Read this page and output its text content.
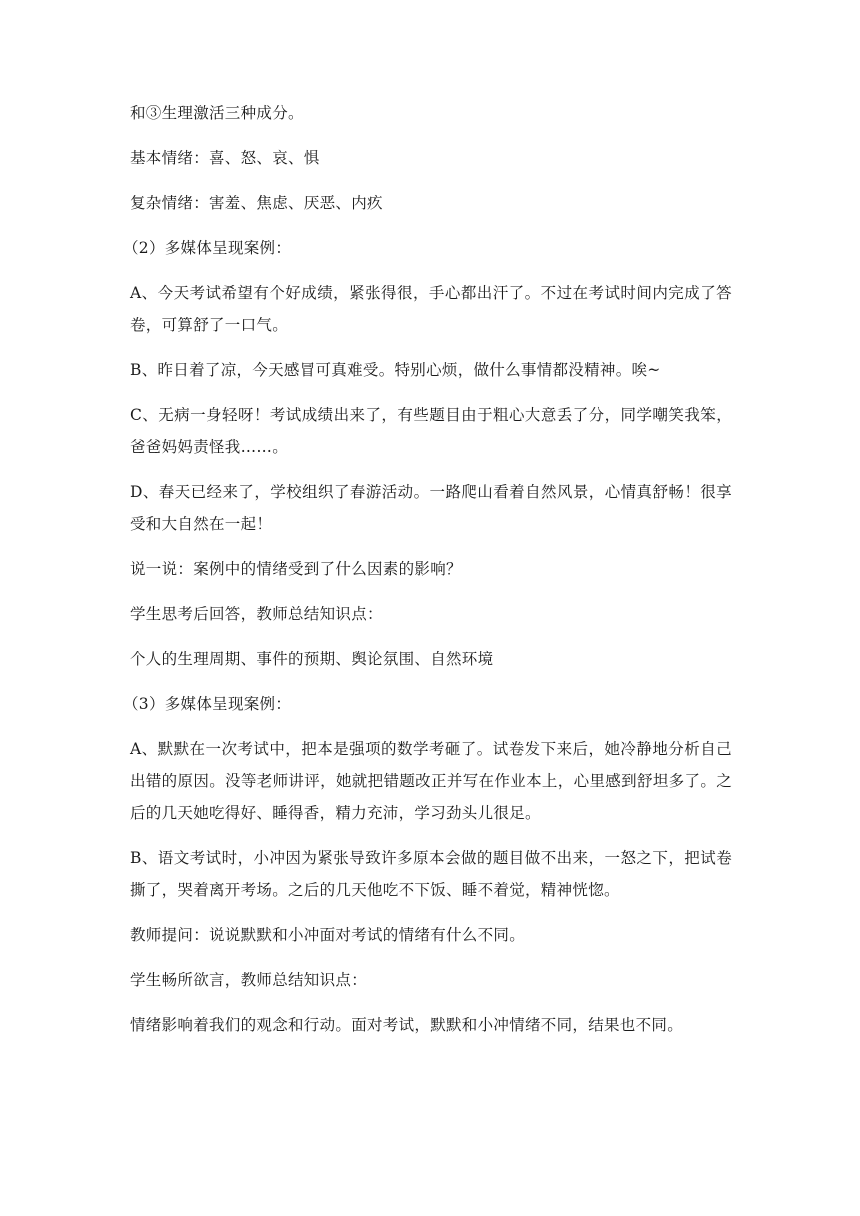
和③生理激活三种成分。

基本情绪：喜、怒、哀、惧

复杂情绪：害羞、焦虑、厌恶、内疚

（2）多媒体呈现案例：

A、今天考试希望有个好成绩，紧张得很，手心都出汗了。不过在考试时间内完成了答卷，可算舒了一口气。

B、昨日着了凉，今天感冒可真难受。特别心烦，做什么事情都没精神。唉~

C、无病一身轻呀！考试成绩出来了，有些题目由于粗心大意丢了分，同学嘲笑我笨，爸爸妈妈责怪我……。

D、春天已经来了，学校组织了春游活动。一路爬山看着自然风景，心情真舒畅！很享受和大自然在一起！

说一说：案例中的情绪受到了什么因素的影响？

学生思考后回答，教师总结知识点：

个人的生理周期、事件的预期、舆论氛围、自然环境

（3）多媒体呈现案例：

A、默默在一次考试中，把本是强项的数学考砸了。试卷发下来后，她冷静地分析自己出错的原因。没等老师讲评，她就把错题改正并写在作业本上，心里感到舒坦多了。之后的几天她吃得好、睡得香，精力充沛，学习劲头儿很足。

B、语文考试时，小冲因为紧张导致许多原本会做的题目做不出来，一怒之下，把试卷撕了，哭着离开考场。之后的几天他吃不下饭、睡不着觉，精神恍惚。

教师提问：说说默默和小冲面对考试的情绪有什么不同。

学生畅所欲言，教师总结知识点：

情绪影响着我们的观念和行动。面对考试，默默和小冲情绪不同，结果也不同。
